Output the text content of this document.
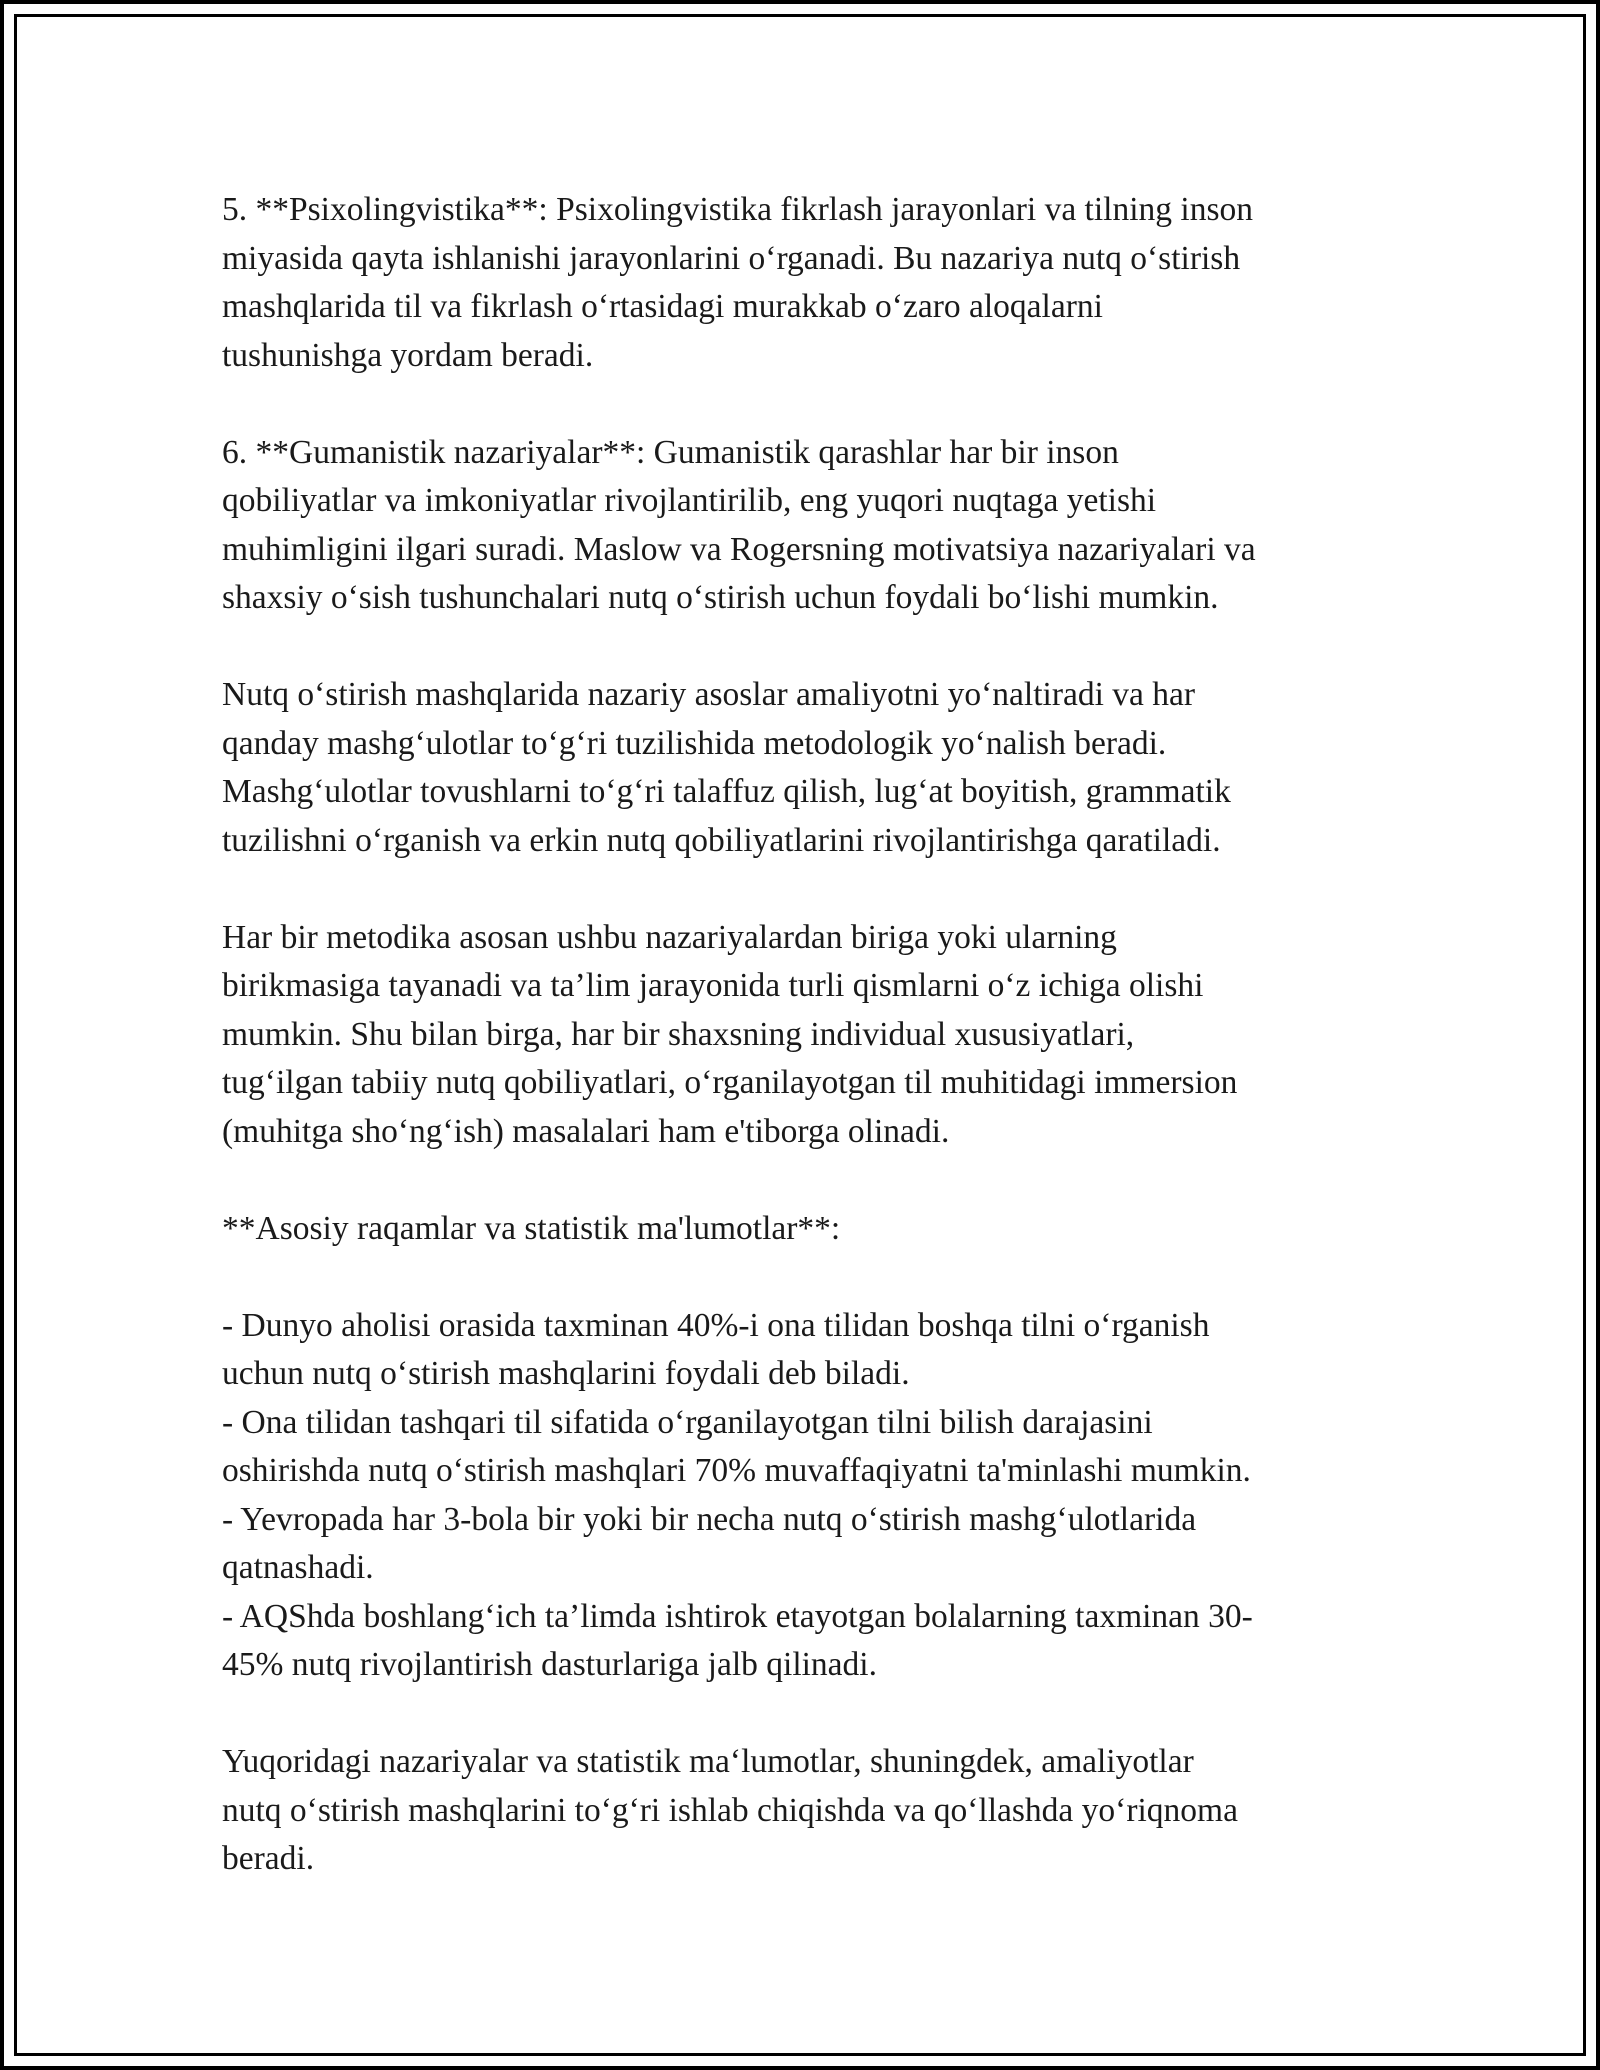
5. **Psixolingvistika**: Psixolingvistika fikrlash jarayonlari va tilning inson
miyasida qayta ishlanishi jarayonlarini o‘rganadi. Bu nazariya nutq o‘stirish
mashqlarida til va fikrlash o‘rtasidagi murakkab o‘zaro aloqalarni
tushunishga yordam beradi.

6. **Gumanistik nazariyalar**: Gumanistik qarashlar har bir inson
qobiliyatlar va imkoniyatlar rivojlantirilib, eng yuqori nuqtaga yetishi
muhimligini ilgari suradi. Maslow va Rogersning motivatsiya nazariyalari va
shaxsiy o‘sish tushunchalari nutq o‘stirish uchun foydali bo‘lishi mumkin.

Nutq o‘stirish mashqlarida nazariy asoslar amaliyotni yo‘naltiradi va har
qanday mashg‘ulotlar to‘g‘ri tuzilishida metodologik yo‘nalish beradi.
Mashg‘ulotlar tovushlarni to‘g‘ri talaffuz qilish, lug‘at boyitish, grammatik
tuzilishni o‘rganish va erkin nutq qobiliyatlarini rivojlantirishga qaratiladi.

Har bir metodika asosan ushbu nazariyalardan biriga yoki ularning
birikmasiga tayanadi va ta’lim jarayonida turli qismlarni o‘z ichiga olishi
mumkin. Shu bilan birga, har bir shaxsning individual xususiyatlari,
tug‘ilgan tabiiy nutq qobiliyatlari, o‘rganilayotgan til muhitidagi immersion
(muhitga sho‘ng‘ish) masalalari ham e'tiborga olinadi.

**Asosiy raqamlar va statistik ma'lumotlar**:

- Dunyo aholisi orasida taxminan 40%-i ona tilidan boshqa tilni o‘rganish
uchun nutq o‘stirish mashqlarini foydali deb biladi.
- Ona tilidan tashqari til sifatida o‘rganilayotgan tilni bilish darajasini
oshirishda nutq o‘stirish mashqlari 70% muvaffaqiyatni ta'minlashi mumkin.
- Yevropada har 3-bola bir yoki bir necha nutq o‘stirish mashg‘ulotlarida
qatnashadi.
- AQShda boshlang‘ich ta’limda ishtirok etayotgan bolalarning taxminan 30-
45% nutq rivojlantirish dasturlariga jalb qilinadi.

Yuqoridagi nazariyalar va statistik ma‘lumotlar, shuningdek, amaliyotlar
nutq o‘stirish mashqlarini to‘g‘ri ishlab chiqishda va qo‘llashda yo‘riqnoma
beradi.
